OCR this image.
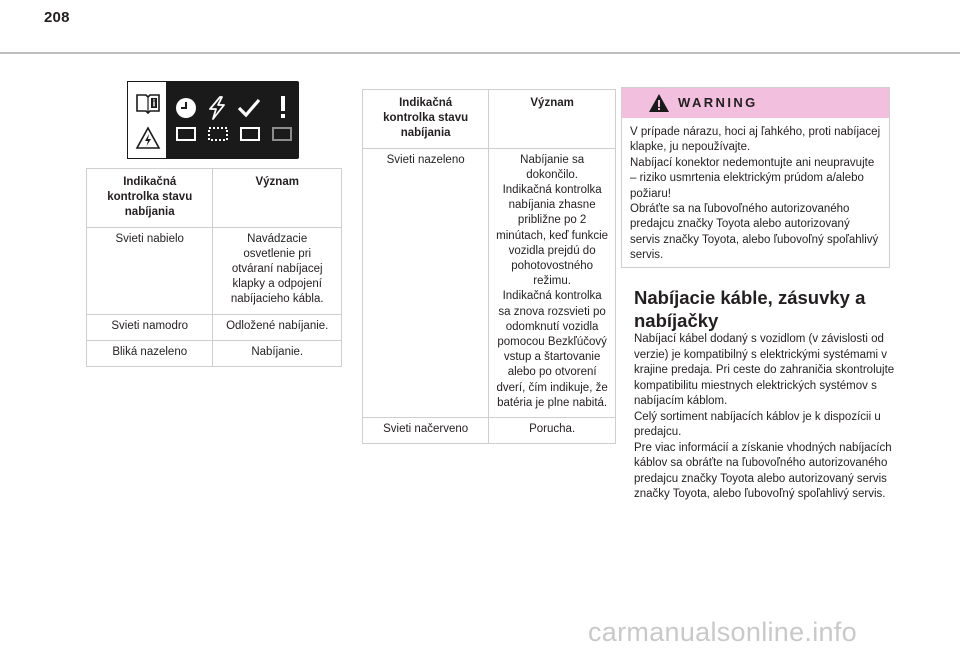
208
Indikačná kontrolka stavu nabíjania	Význam
Svieti nabielo	Navádzacie osvetlenie pri otváraní nabíjacej klapky a odpojení nabíjacieho kábla.

Svieti namodro	Odložené nabíjanie.
Bliká nazeleno	Nabíjanie.
Indikačná kontrolka stavu nabíjania	Význam
Svieti nazeleno	Nabíjanie sa dokončilo.
Indikačná kontrolka nabíjania zhasne približne po 2 minútach, keď funkcie vozidla prejdú do pohotovostného režimu.
Indikačná kontrolka sa znova rozsvieti po odomknutí vozidla pomocou Bezkľúčový vstup a štartovanie alebo po otvorení dverí, čím indikuje, že batéria je plne nabitá.

Svieti načerveno	Porucha.
WARNING
V prípade nárazu, hoci aj ľahkého, proti nabíjacej klapke, ju nepoužívajte.
Nabíjací konektor nedemontujte ani neupravujte – riziko usmrtenia elektrickým prúdom a/alebo požiaru!
Obráťte sa na ľubovoľného autorizovaného predajcu značky Toyota alebo autorizovaný servis značky Toyota, alebo ľubovoľný spoľahlivý servis.
Nabíjacie káble, zásuvky a nabíjačky
Nabíjací kábel dodaný s vozidlom (v závislosti od verzie) je kompatibilný s elektrickými systémami v krajine predaja. Pri ceste do zahraničia skontrolujte kompatibilitu miestnych elektrických systémov s nabíjacím káblom.
Celý sortiment nabíjacích káblov je k dispozícii u predajcu.
Pre viac informácií a získanie vhodných nabíjacích káblov sa obráťte na ľubovoľného autorizovaného predajcu značky Toyota alebo autorizovaný servis značky Toyota, alebo ľubovoľný spoľahlivý servis.
carmanualsonline.info
